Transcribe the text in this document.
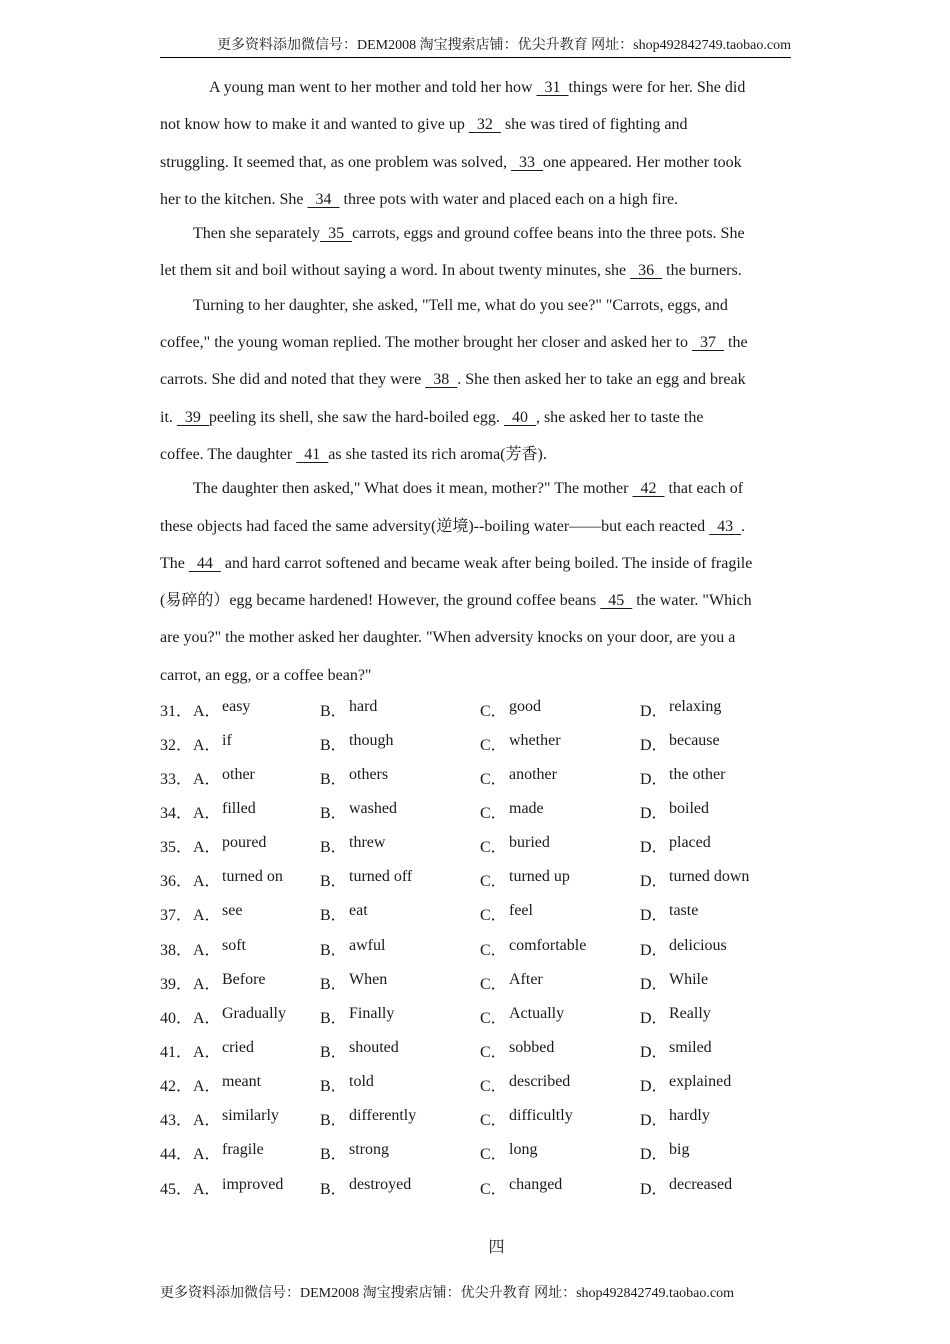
更多资料添加微信号：DEM2008 淘宝搜索店铺：优尖升教育 网址：shop492842749.taobao.com
A young man went to her mother and told her how   31  things were for her. She did
not know how to make it and wanted to give up   32   she was tired of fighting and
struggling. It seemed that, as one problem was solved,   33  one appeared. Her mother took
her to the kitchen. She   34   three pots with water and placed each on a high fire.
Then she separately  35  carrots, eggs and ground coffee beans into the three pots. She
let them sit and boil without saying a word. In about twenty minutes, she   36   the burners.
Turning to her daughter, she asked, "Tell me, what do you see?" "Carrots, eggs, and
coffee," the young woman replied. The mother brought her closer and asked her to   37   the
carrots. She did and noted that they were   38  . She then asked her to take an egg and break
it.   39  peeling its shell, she saw the hard-boiled egg.   40  , she asked her to taste the
coffee. The daughter   41  as she tasted its rich aroma(芳香).
The daughter then asked," What does it mean, mother?" The mother   42   that each of
these objects had faced the same adversity(逆境)--boiling water——but each reacted   43  .
The   44   and hard carrot softened and became weak after being boiled. The inside of fragile
(易碎的）egg became hardened! However, the ground coffee beans   45   the water. "Which
are you?" the mother asked her daughter. "When adversity knocks on your door, are you a
carrot, an egg, or a coffee bean?"
31． A． easy	B． hard	C． good	D． relaxing
32． A． if	B． though	C． whether	D． because
33． A． other	B． others	C． another	D． the other
34． A． filled	B． washed	C． made	D． boiled
35． A． poured	B． threw	C． buried	D． placed
36． A． turned on B． turned off	C． turned up	D． turned down
37． A． see	B． eat	C． feel	D． taste
38． A． soft	B． awful	C． comfortable	D． delicious
39． A． Before	B． When	C． After	D． While
40． A． Gradually B． Finally	C． Actually	D． Really
41． A． cried	B． shouted	C． sobbed	D． smiled
42． A． meant	B． told	C． described	D． explained
43． A． similarly	B． differently	C． difficultly	D． hardly
44． A． fragile	B． strong	C． long	D． big
45． A． improved B． destroyed	C． changed	D． decreased
四
更多资料添加微信号：DEM2008 淘宝搜索店铺：优尖升教育 网址：shop492842749.taobao.com
